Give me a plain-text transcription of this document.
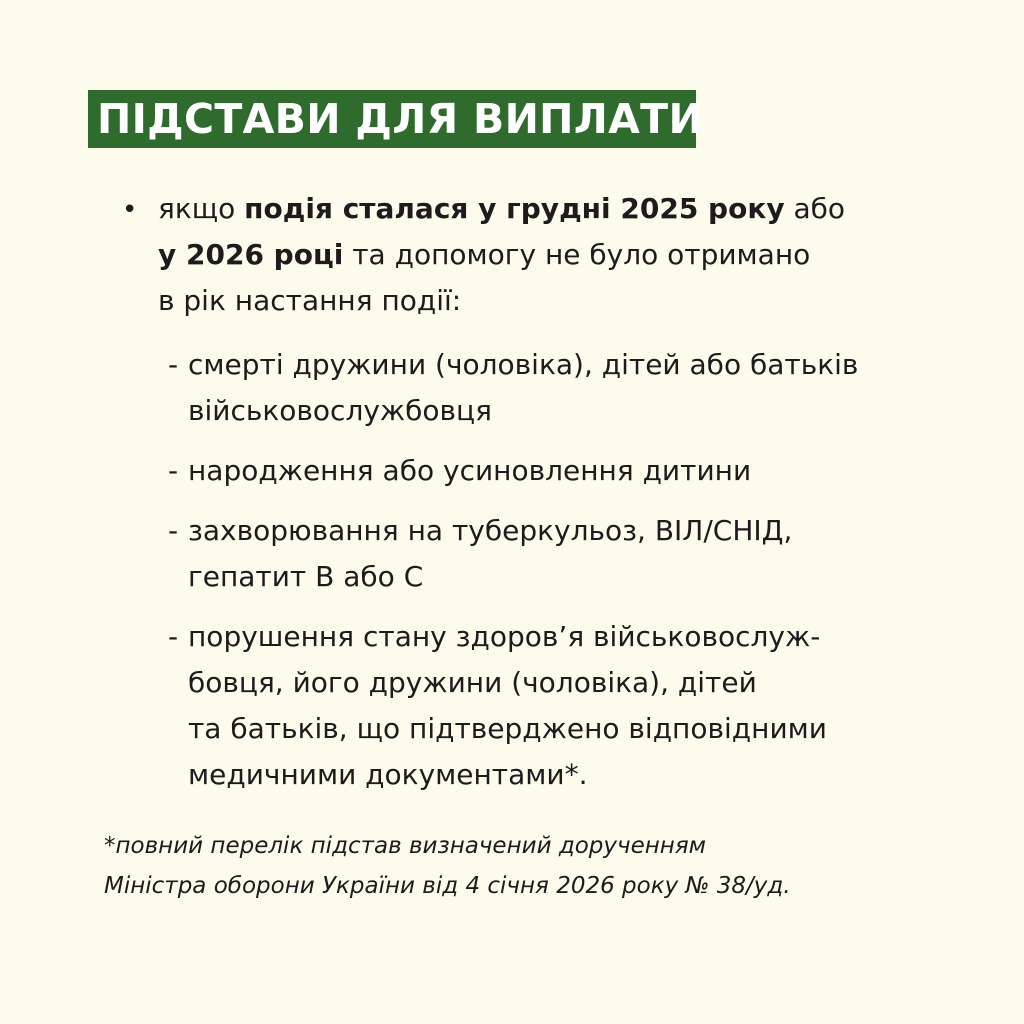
ПІДСТАВИ ДЛЯ ВИПЛАТИ
• якщо подія сталася у грудні 2025 року або
у 2026 році та допомогу не було отримано
в рік настання події:
- смерті дружини (чоловіка), дітей або батьків
військовослужбовця
- народження або усиновлення дитини
- захворювання на туберкульоз, ВІЛ/СНІД,
гепатит В або С
- порушення стану здоров’я військовослуж-
бовця, його дружини (чоловіка), дітей
та батьків, що підтверджено відповідними
медичними документами*.
*повний перелік підстав визначений дорученням
Міністра оборони України від 4 січня 2026 року № 38/уд.
